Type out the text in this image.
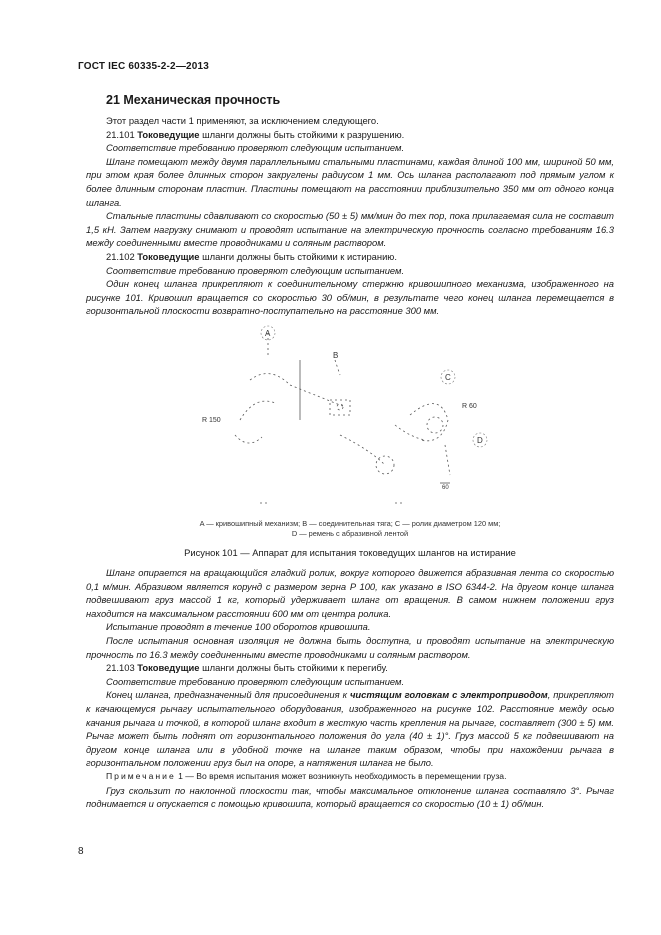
ГОСТ IEC 60335-2-2—2013
21 Механическая прочность

Этот раздел части 1 применяют, за исключением следующего.

21.101 Токоведущие шланги должны быть стойкими к разрушению.

Соответствие требованию проверяют следующим испытанием.

Шланг помещают между двумя параллельными стальными пластинами, каждая длиной 100 мм, шириной 50 мм, при этом края более длинных сторон закруглены радиусом 1 мм. Ось шланга располагают под прямым углом к более длинным сторонам пластин. Пластины помещают на расстоянии приблизительно 350 мм от одного конца шланга.

Стальные пластины сдавливают со скоростью (50 ± 5) мм/мин до тех пор, пока прилагаемая сила не составит 1,5 кН. Затем нагрузку снимают и проводят испытание на электрическую прочность согласно требованиям 16.3 между соединенными вместе проводниками и соляным раствором.

21.102 Токоведущие шланги должны быть стойкими к истиранию.

Соответствие требованию проверяют следующим испытанием.

Один конец шланга прикрепляют к соединительному стержню кривошипного механизма, изображенного на рисунке 101. Кривошип вращается со скоростью 30 об/мин, в результате чего конец шланга перемещается в горизонтальной плоскости возвратно-поступательно на расстояние 300 мм.

A
B
C
D
R 150
R 60
60
A — кривошипный механизм; B — соединительная тяга; C — ролик диаметром 120 мм;
D — ремень с абразивной лентой
Рисунок 101 — Аппарат для испытания токоведущих шлангов на истирание

Шланг опирается на вращающийся гладкий ролик, вокруг которого движется абразивная лента со скоростью 0,1 м/мин. Абразивом является корунд с размером зерна P 100, как указано в ISO 6344-2. На другом конце шланга подвешивают груз массой 1 кг, который удерживает шланг от вращения. В самом нижнем положении груз находится на максимальном расстоянии 600 мм от центра ролика.

Испытание проводят в течение 100 оборотов кривошипа.

После испытания основная изоляция не должна быть доступна, и проводят испытание на электрическую прочность по 16.3 между соединенными вместе проводниками и соляным раствором.

21.103 Токоведущие шланги должны быть стойкими к перегибу.

Соответствие требованию проверяют следующим испытанием.

Конец шланга, предназначенный для присоединения к чистящим головкам с электроприводом, прикрепляют к качающемуся рычагу испытательного оборудования, изображенного на рисунке 102. Расстояние между осью качания рычага и точкой, в которой шланг входит в жесткую часть крепления на рычаге, составляет (300 ± 5) мм. Рычаг может быть поднят от горизонтального положения до угла (40 ± 1)°. Груз массой 5 кг подвешивают на другом конце шланга или в удобной точке на шланге таким образом, чтобы при нахождении рычага в горизонтальном положении груз был на опоре, а натяжения шланга не было.

Примечание 1 — Во время испытания может возникнуть необходимость в перемещении груза.

Груз скользит по наклонной плоскости так, чтобы максимальное отклонение шланга составляло 3°. Рычаг поднимается и опускается с помощью кривошипа, который вращается со скоростью (10 ± 1) об/мин.

8
